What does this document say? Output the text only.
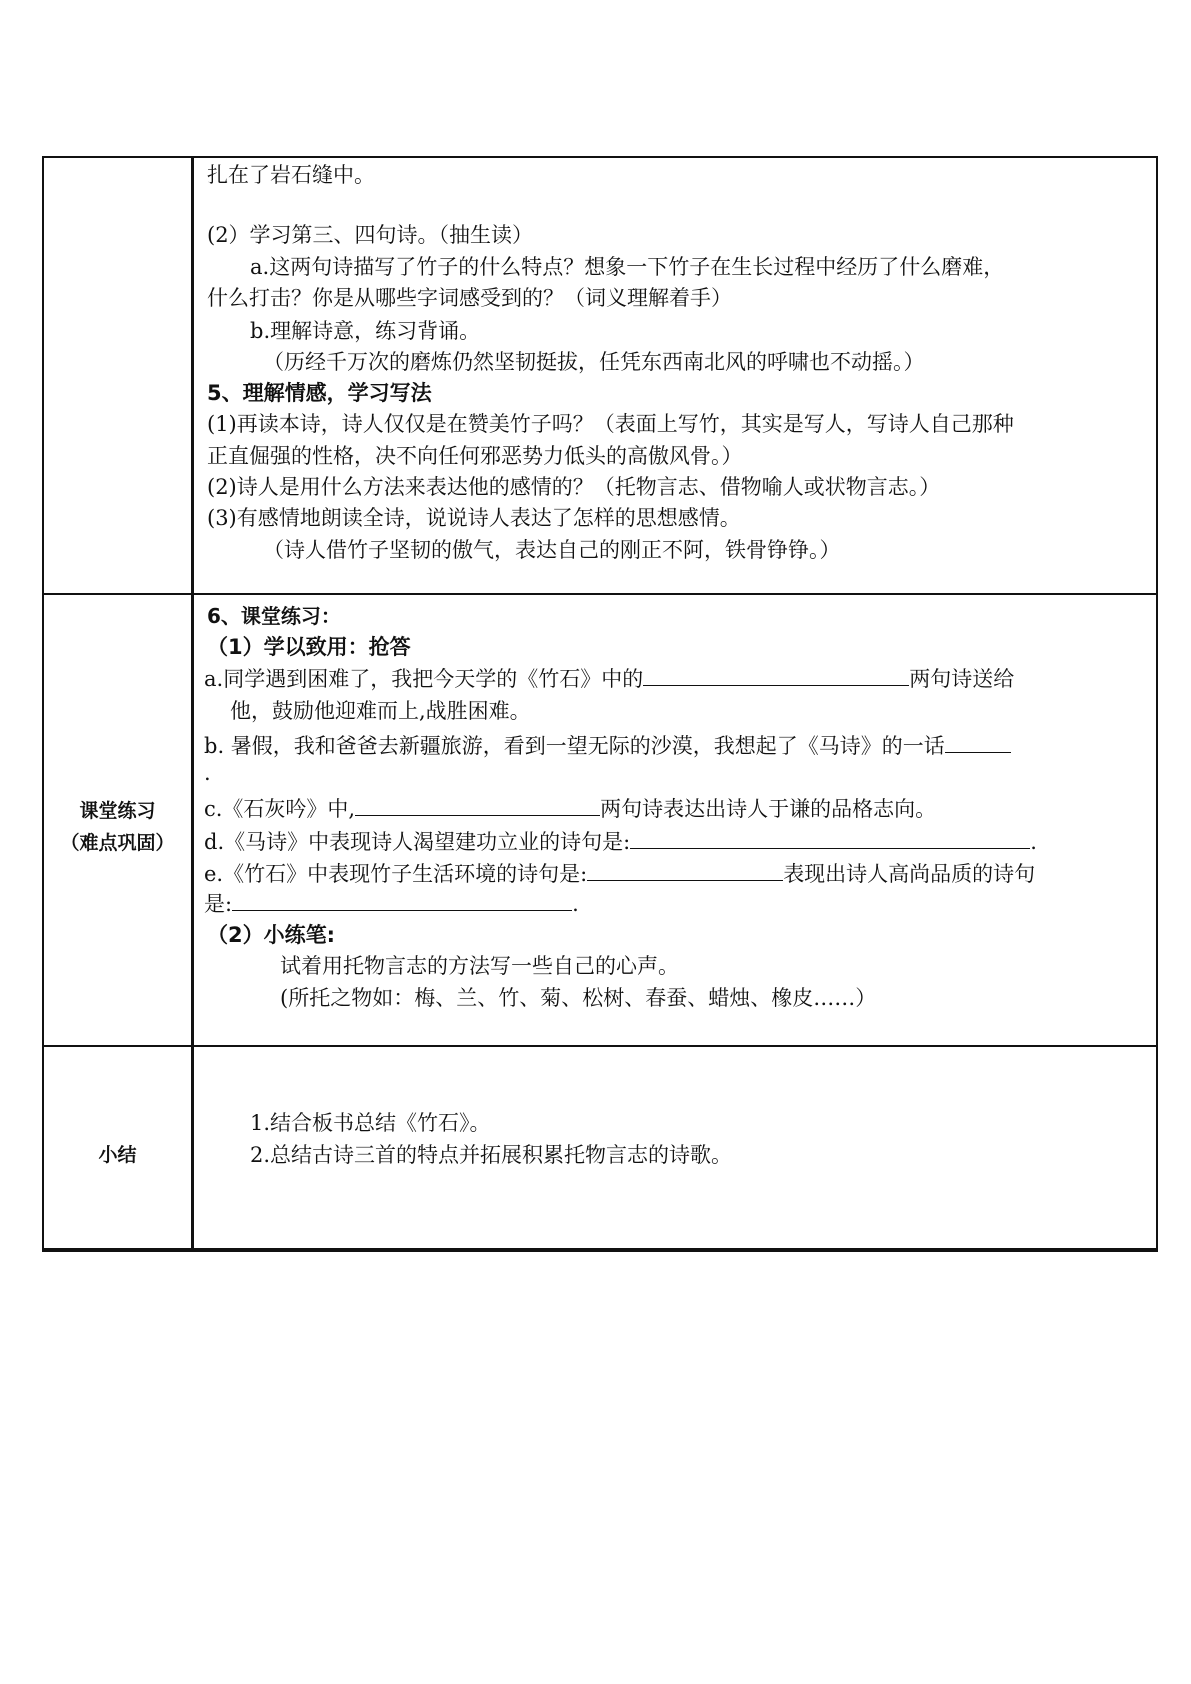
扎在了岩石缝中。
(2）学习第三、四句诗。（抽生读）
a.这两句诗描写了竹子的什么特点？想象一下竹子在生长过程中经历了什么磨难，
什么打击？你是从哪些字词感受到的？（词义理解着手）
b.理解诗意，练习背诵。
（历经千万次的磨炼仍然坚韧挺拔，任凭东西南北风的呼啸也不动摇。）
5、理解情感，学习写法
(1)再读本诗，诗人仅仅是在赞美竹子吗？（表面上写竹，其实是写人，写诗人自己那种
正直倔强的性格，决不向任何邪恶势力低头的高傲风骨。）
(2)诗人是用什么方法来表达他的感情的？（托物言志、借物喻人或状物言志。）
(3)有感情地朗读全诗，说说诗人表达了怎样的思想感情。
（诗人借竹子坚韧的傲气，表达自己的刚正不阿，铁骨铮铮。）
课堂练习
（难点巩固）
6、课堂练习：
（1）学以致用：抢答
a.同学遇到困难了，我把今天学的《竹石》中的	两句诗送给
他，鼓励他迎难而上,战胜困难。
b. 暑假，我和爸爸去新疆旅游，看到一望无际的沙漠，我想起了《马诗》的一话
.
c.《石灰吟》中,	两句诗表达出诗人于谦的品格志向。
d.《马诗》中表现诗人渴望建功立业的诗句是:	.
e.《竹石》中表现竹子生活环境的诗句是:	表现出诗人高尚品质的诗句
是:	.
（2）小练笔:
试着用托物言志的方法写一些自己的心声。
(所托之物如：梅、兰、竹、菊、松树、春蚕、蜡烛、橡皮……）
小结
1.结合板书总结《竹石》。
2.总结古诗三首的特点并拓展积累托物言志的诗歌。
